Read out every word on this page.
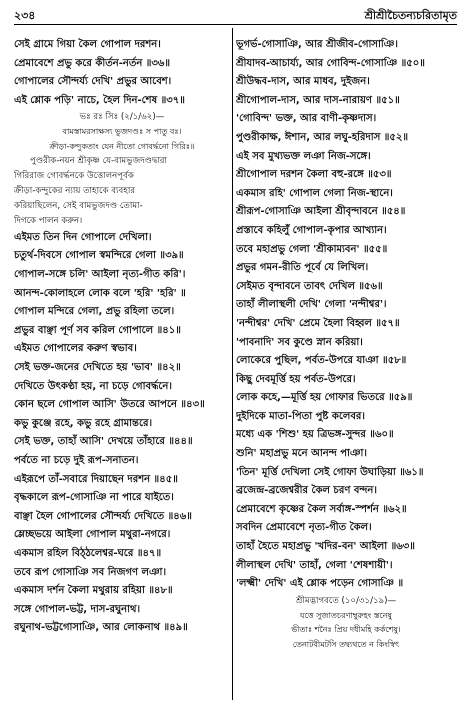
২৩৪	শ্রীশ্রীচৈতন্যচরিতামৃত
সেই গ্রামে গিয়া কৈল গোপাল দরশন।
প্রেমাবেশে প্রভু করে কীর্তন-নর্তন ॥৩৬॥
গোপালের সৌন্দর্য্য দেখি' প্রভুর আবেশ।
এই শ্লোক পড়ি' নাচে, হৈল দিন-শেষ ॥৩৭॥
ভঃ রঃ সিঃ (২/১/৬২)—
বামস্তামরসাক্ষস্য ভুজদণ্ডঃ স পাতু বঃ।
ক্রীড়া-কন্দুকতাং যেন নীতো গোবর্দ্ধনো গিরিঃ॥
পুণ্ডরীক-নয়ন শ্রীকৃষ্ণ যে-বামভুজদণ্ডদ্বারা
গিরিরাজ গোবর্দ্ধনকে উত্তোলনপূর্বক
ক্রীড়া-কন্দুকের ন্যায় তাহাকে ব্যবহার
করিয়াছিলেন, সেই বামভুজদণ্ড তোমা-
দিগকে পালন করুন।
এইমত তিন দিন গোপালে দেখিলা।
চতুর্থ-দিবসে গোপাল স্বমন্দিরে গেলা ॥৩৯॥
গোপাল-সঙ্গে চলি' আইলা নৃত্য-গীত করি'।
আনন্দ-কোলাহলে লোক বলে 'হরি' 'হরি' ॥
গোপাল মন্দিরে গেলা, প্রভু রহিলা তলে।
প্রভুর বাঞ্ছা পূর্ণ সব করিল গোপালে ॥৪১॥
এইমত গোপালের করুণ স্বভাব।
সেই ভক্ত-জনের দেখিতে হয় 'ভাব' ॥৪২॥
দেখিতে উৎকণ্ঠা হয়, না চড়ে গোবর্দ্ধনে।
কোন ছলে গোপাল আসি' উতরে আপনে ॥৪৩॥
কভু কুঞ্জে রহে, কভু রহে গ্রামান্তরে।
সেই ভক্ত, তাহাঁ আসি' দেখয়ে তাঁহারে ॥৪৪॥
পর্বতে না চড়ে দুই রূপ-সনাতন।
এইরূপে তাঁ-সবারে দিয়াছেন দরশন ॥৪৫॥
বৃদ্ধকালে রূপ-গোসাঞি না পারে যাইতে।
বাঞ্ছা হৈল গোপালের সৌন্দর্য্য দেখিতে ॥৪৬॥
ম্লেচ্ছভয়ে আইলা গোপাল মথুরা-নগরে।
একমাস রহিল বিঠ্‌ঠলেশ্বর-ঘরে ॥৪৭॥
তবে রূপ গোসাঞি সব নিজগণ লঞা।
একমাস দর্শন কৈলা মথুরায় রহিয়া ॥৪৮॥
সঙ্গে গোপাল-ভট্ট, দাস-রঘুনাথ।
রঘুনাথ-ভট্টগোসাঞি, আর লোকনাথ ॥৪৯॥
ভূগর্ভ-গোসাঞি, আর শ্রীজীব-গোসাঞি।
শ্রীযাদব-আচার্য্য, আর গোবিন্দ-গোসাঞি ॥৫০॥
শ্রীউদ্ধব-দাস, আর মাধব, দুইজন।
শ্রীগোপাল-দাস, আর দাস-নারায়ণ ॥৫১॥
'গোবিন্দ' ভক্ত, আর বাণী-কৃষ্ণদাস।
পুণ্ডরীকাক্ষ, ঈশান, আর লঘু-হরিদাস ॥৫২॥
এই সব মুখ্যভক্ত লঞা নিজ-সঙ্গে।
শ্রীগোপাল দরশন কৈলা বহু-রঙ্গে ॥৫৩॥
একমাস রহি' গোপাল গেলা নিজ-স্থানে।
শ্রীরূপ-গোসাঞি আইলা শ্রীবৃন্দাবনে ॥৫৪॥
প্রস্তাবে কহিলুঁ গোপাল-কৃপার আখ্যান।
তবে মহাপ্রভু গেলা 'শ্রীকাম্যবন' ॥৫৫॥
প্রভুর গমন-রীতি পূর্বে যে লিখিল।
সেইমত বৃন্দাবনে তাবৎ দেখিল ॥৫৬॥
তাহাঁ লীলাস্থলী দেখি' গেলা 'নন্দীশ্বর'।
'নন্দীশ্বর' দেখি' প্রেমে হৈলা বিহ্বল ॥৫৭॥
'পাবনাদি' সব কুণ্ডে স্নান করিয়া।
লোকেরে পুছিল, পর্বত-উপরে যাঞা ॥৫৮॥
কিছু দেবমূর্ত্তি হয় পর্বত-উপরে।
লোক কহে,—মূর্ত্তি হয় গোফার ভিতরে ॥৫৯॥
দুইদিকে মাতা-পিতা পুষ্ট কলেবর।
মধ্যে এক 'শিশু' হয় ত্রিভঙ্গ-সুন্দর ॥৬০॥
শুনি' মহাপ্রভু মনে আনন্দ পাঞা।
'তিন' মূর্ত্তি দেখিলা সেই গোফা উঘাড়িয়া ॥৬১॥
ব্রজেন্দ্র-ব্রজেশ্বরীর কৈল চরণ বন্দন।
প্রেমাবেশে কৃষ্ণের কৈল সর্বাঙ্গ-স্পর্শন ॥৬২॥
সবদিন প্রেমাবেশে নৃত্য-গীত কৈল।
তাহাঁ হৈতে মহাপ্রভু 'খদির-বন' আইলা ॥৬৩॥
লীলাস্থল দেখি' তাহাঁ, গেলা 'শেষশায়ী'।
'লক্ষ্মী' দেখি' এই শ্লোক পড়েন গোসাঞি ॥
শ্রীমদ্ভাগবতে (১০/৩১/১৯)—
যত্তে সুজাতচরণাম্বুরুহং স্তনেষু
ভীতাঃ শনৈঃ প্রিয় দধীমহি কর্কশেষু।
তেনাটবীমটসি তদ্ব্যথতে ন কিংস্বিৎ
